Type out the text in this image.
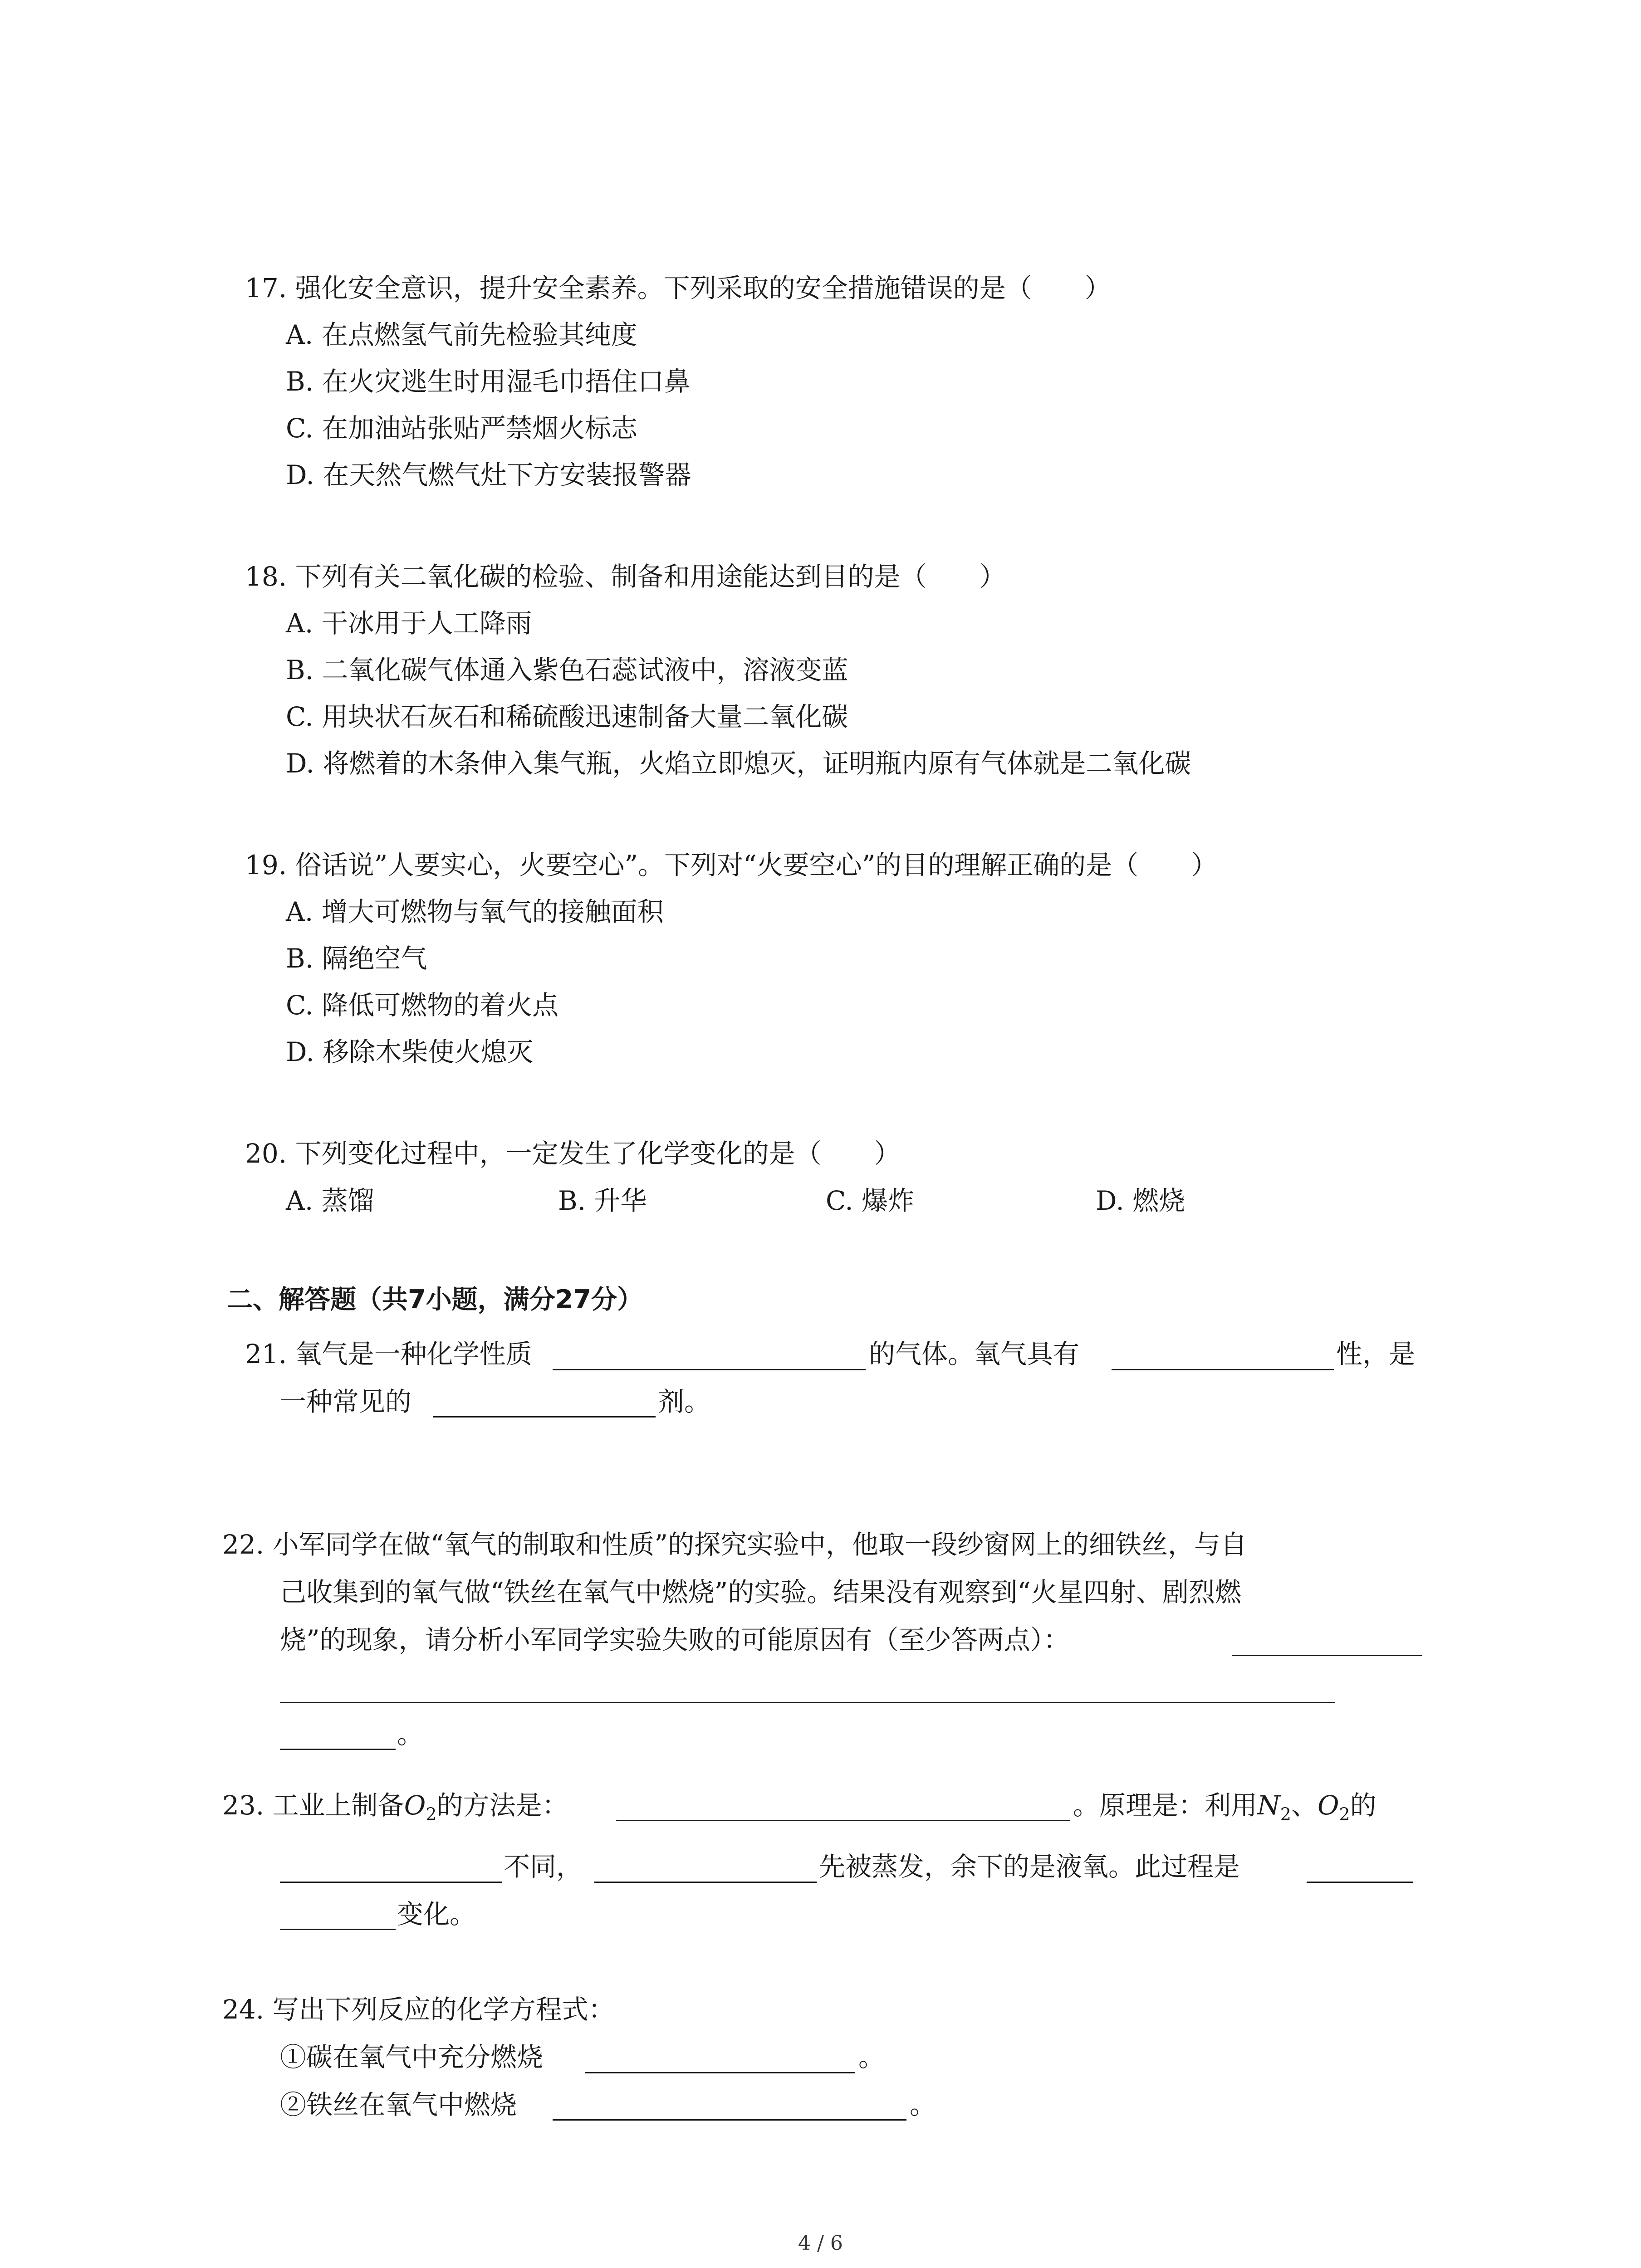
17. 强化安全意识，提升安全素养。下列采取的安全措施错误的是（　　）
A. 在点燃氢气前先检验其纯度
B. 在火灾逃生时用湿毛巾捂住口鼻
C. 在加油站张贴严禁烟火标志
D. 在天然气燃气灶下方安装报警器
18. 下列有关二氧化碳的检验、制备和用途能达到目的是（　　）
A. 干冰用于人工降雨
B. 二氧化碳气体通入紫色石蕊试液中，溶液变蓝
C. 用块状石灰石和稀硫酸迅速制备大量二氧化碳
D. 将燃着的木条伸入集气瓶，火焰立即熄灭，证明瓶内原有气体就是二氧化碳
19. 俗话说”人要实心，火要空心”。下列对“火要空心”的目的理解正确的是（　　）
A. 增大可燃物与氧气的接触面积
B. 隔绝空气
C. 降低可燃物的着火点
D. 移除木柴使火熄灭
20. 下列变化过程中，一定发生了化学变化的是（　　）
A. 蒸馏	B. 升华	C. 爆炸	D. 燃烧
二、解答题（共7小题，满分27分）
21. 氧气是一种化学性质	的气体。氧气具有	性，是
一种常见的	剂。
22. 小军同学在做“氧气的制取和性质”的探究实验中，他取一段纱窗网上的细铁丝，与自
己收集到的氧气做“铁丝在氧气中燃烧”的实验。结果没有观察到“火星四射、剧烈燃
烧”的现象，请分析小军同学实验失败的可能原因有（至少答两点）：
。
23. 工业上制备$O_2$的方法是：	。原理是：利用$N_2$、$O_2$的
不同，	先被蒸发，余下的是液氧。此过程是
变化。
24. 写出下列反应的化学方程式：
①碳在氧气中充分燃烧	。
②铁丝在氧气中燃烧	。
4 / 6
